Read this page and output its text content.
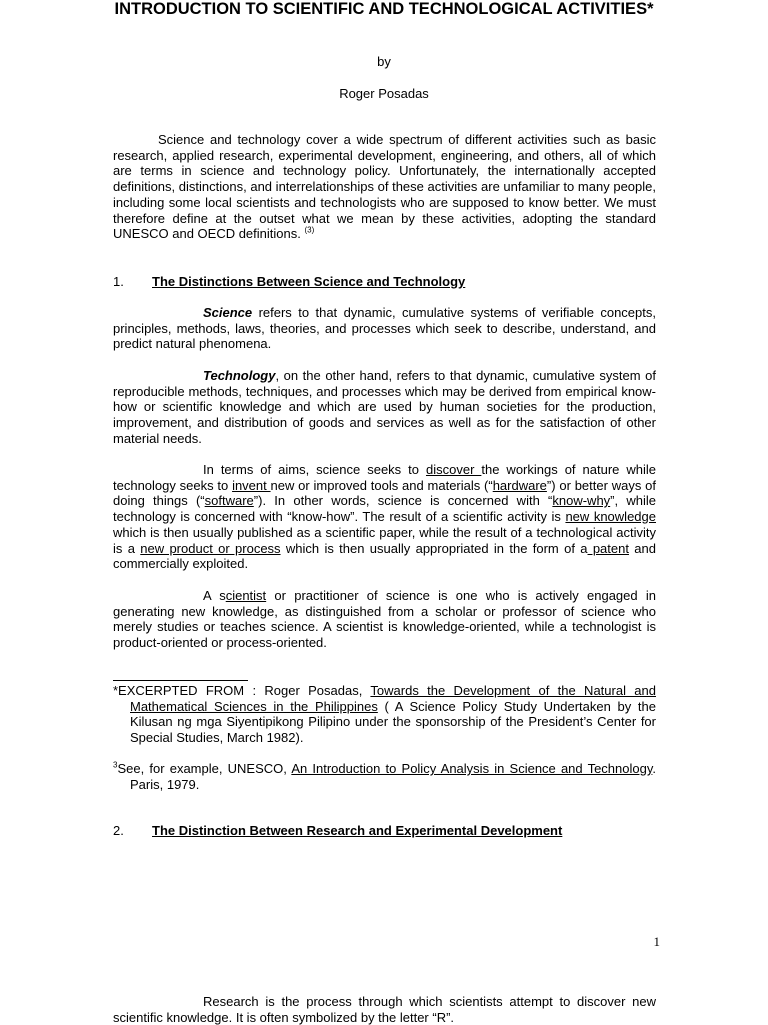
INTRODUCTION TO SCIENTIFIC AND TECHNOLOGICAL ACTIVITIES*
by
Roger Posadas

Science and technology cover a wide spectrum of different activities such as basic research, applied research, experimental development, engineering, and others, all of which are terms in science and technology policy. Unfortunately, the internationally accepted definitions, distinctions, and interrelationships of these activities are unfamiliar to many people, including some local scientists and technologists who are supposed to know better. We must therefore define at the outset what we mean by these activities, adopting the standard UNESCO and OECD definitions. $^{(3)}$

1. The Distinctions Between Science and Technology

Science refers to that dynamic, cumulative systems of verifiable concepts, principles, methods, laws, theories, and processes which seek to describe, understand, and predict natural phenomena.

Technology, on the other hand, refers to that dynamic, cumulative system of reproducible methods, techniques, and processes which may be derived from empirical know-how or scientific knowledge and which are used by human societies for the production, improvement, and distribution of goods and services as well as for the satisfaction of other material needs.

In terms of aims, science seeks to discover the workings of nature while technology seeks to invent new or improved tools and materials (“hardware”) or better ways of doing things (“software”). In other words, science is concerned with “know-why”, while technology is concerned with “know-how”. The result of a scientific activity is new knowledge which is then usually published as a scientific paper, while the result of a technological activity is a new product or process which is then usually appropriated in the form of a patent and commercially exploited.

A scientist or practitioner of science is one who is actively engaged in generating new knowledge, as distinguished from a scholar or professor of science who merely studies or teaches science. A scientist is knowledge-oriented, while a technologist is product-oriented or process-oriented.

*EXCERPTED FROM : Roger Posadas, Towards the Development of the Natural and Mathematical Sciences in the Philippines ( A Science Policy Study Undertaken by the Kilusan ng mga Siyentipikong Pilipino under the sponsorship of the President’s Center for Special Studies, March 1982).

$^3$See, for example, UNESCO, An Introduction to Policy Analysis in Science and Technology. Paris, 1979.

2. The Distinction Between Research and Experimental Development
1

Research is the process through which scientists attempt to discover new scientific knowledge. It is often symbolized by the letter “R”.
